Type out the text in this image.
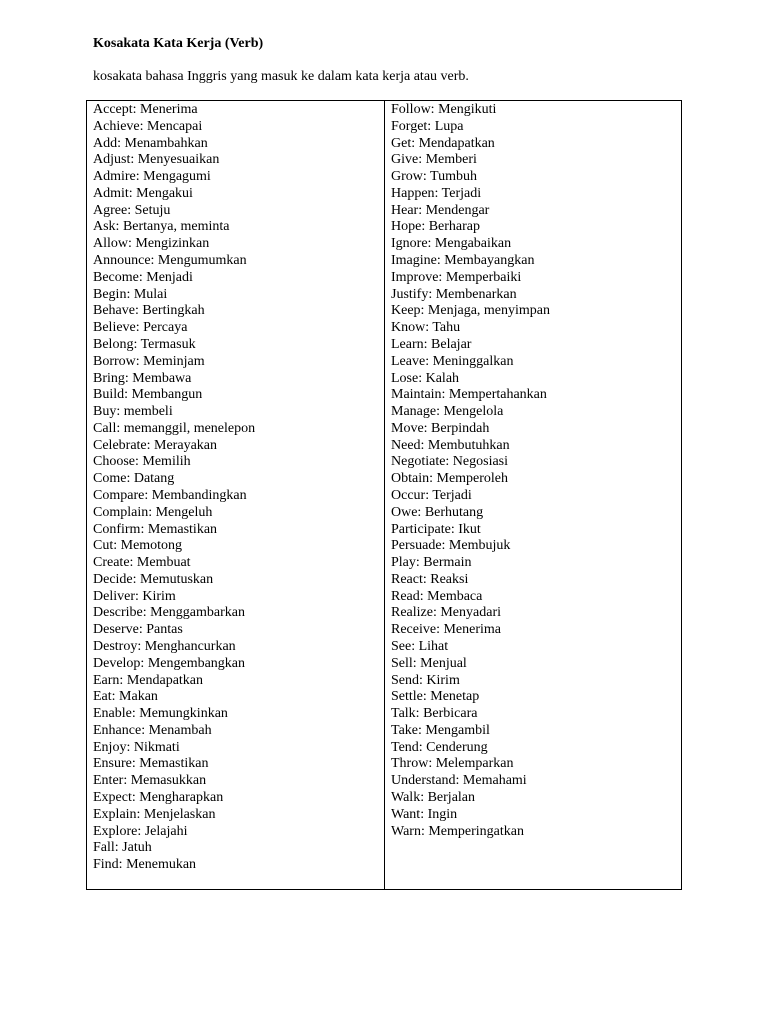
Kosakata Kata Kerja (Verb)

kosakata bahasa Inggris yang masuk ke dalam kata kerja atau verb.

Accept: Menerima
Achieve: Mencapai
Add: Menambahkan
Adjust: Menyesuaikan
Admire: Mengagumi
Admit: Mengakui
Agree: Setuju
Ask: Bertanya, meminta
Allow: Mengizinkan
Announce: Mengumumkan
Become: Menjadi
Begin: Mulai
Behave: Bertingkah
Believe: Percaya
Belong: Termasuk
Borrow: Meminjam
Bring: Membawa
Build: Membangun
Buy: membeli
Call: memanggil, menelepon
Celebrate: Merayakan
Choose: Memilih
Come: Datang
Compare: Membandingkan
Complain: Mengeluh
Confirm: Memastikan
Cut: Memotong
Create: Membuat
Decide: Memutuskan
Deliver: Kirim
Describe: Menggambarkan
Deserve: Pantas
Destroy: Menghancurkan
Develop: Mengembangkan
Earn: Mendapatkan
Eat: Makan
Enable: Memungkinkan
Enhance: Menambah
Enjoy: Nikmati
Ensure: Memastikan
Enter: Memasukkan
Expect: Mengharapkan
Explain: Menjelaskan
Explore: Jelajahi
Fall: Jatuh
Find: Menemukan
Follow: Mengikuti
Forget: Lupa
Get: Mendapatkan
Give: Memberi
Grow: Tumbuh
Happen: Terjadi
Hear: Mendengar
Hope: Berharap
Ignore: Mengabaikan
Imagine: Membayangkan
Improve: Memperbaiki
Justify: Membenarkan
Keep: Menjaga, menyimpan
Know: Tahu
Learn: Belajar
Leave: Meninggalkan
Lose: Kalah
Maintain: Mempertahankan
Manage: Mengelola
Move: Berpindah
Need: Membutuhkan
Negotiate: Negosiasi
Obtain: Memperoleh
Occur: Terjadi
Owe: Berhutang
Participate: Ikut
Persuade: Membujuk
Play: Bermain
React: Reaksi
Read: Membaca
Realize: Menyadari
Receive: Menerima
See: Lihat
Sell: Menjual
Send: Kirim
Settle: Menetap
Talk: Berbicara
Take: Mengambil
Tend: Cenderung
Throw: Melemparkan
Understand: Memahami
Walk: Berjalan
Want: Ingin
Warn: Memperingatkan
